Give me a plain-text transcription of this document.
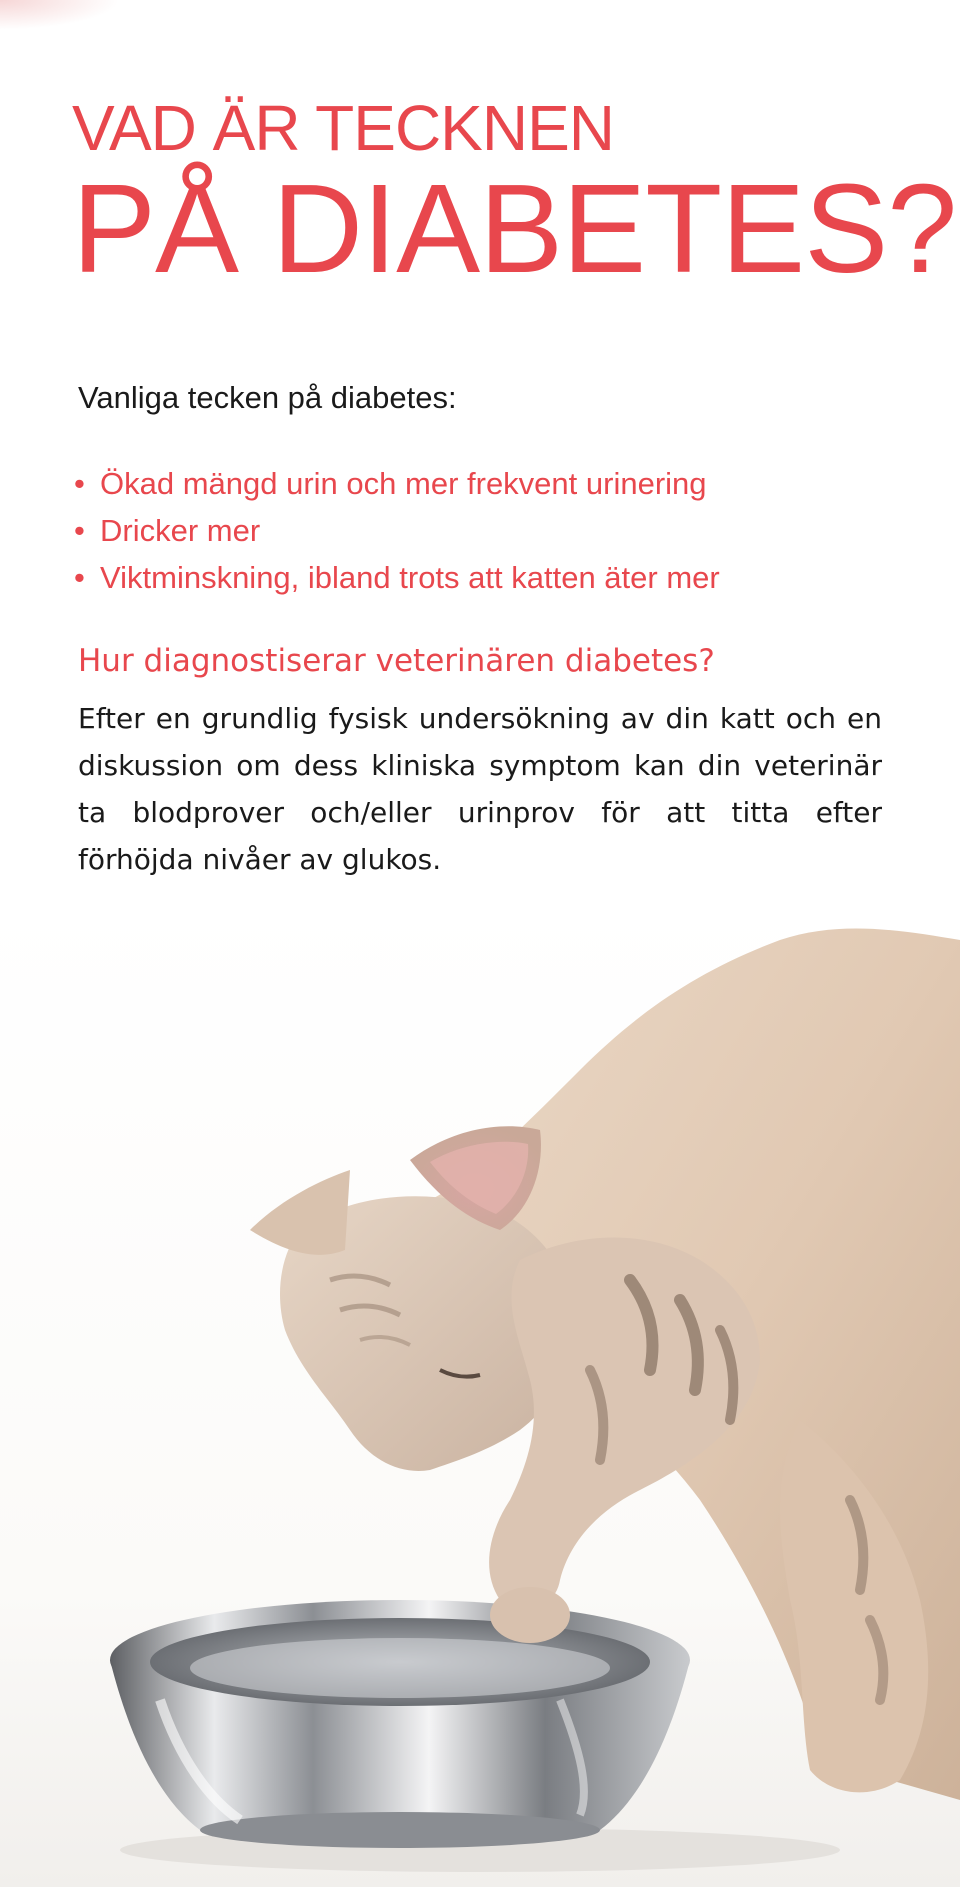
VAD ÄR TECKNEN
PÅ DIABETES?

Vanliga tecken på diabetes:

• Ökad mängd urin och mer frekvent urinering
• Dricker mer
• Viktminskning, ibland trots att katten äter mer
Hur diagnostiserar veterinären diabetes?

Efter en grundlig fysisk undersökning av din katt och en diskussion om dess kliniska symptom kan din veterinär ta blodprover och/eller urinprov för att titta efter förhöjda nivåer av glukos.
